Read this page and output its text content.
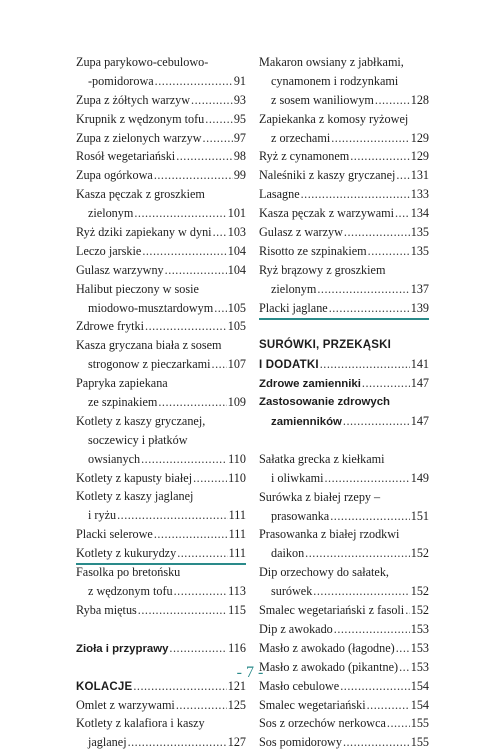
Zupa parykowo-cebulowo-
-pomidorowa .....	91
Zupa z żółtych warzyw .....	93
Krupnik z wędzonym tofu ..... 95
Zupa z zielonych warzyw .....	97
Rosół wegetariański .....	98
Zupa ogórkowa .....	99
Kasza pęczak z groszkiem
zielonym .....	101
Ryż dziki zapiekany w dyni ..... 103
Leczo jarskie .....	104
Gulasz warzywny .....	104
Halibut pieczony w sosie
miodowo-musztardowym ..... 105
Zdrowe frytki .....	105
Kasza gryczana biała z sosem
strogonow z pieczarkami ..... 107
Papryka zapiekana
ze szpinakiem .....	109
Kotlety z kaszy gryczanej,
soczewicy i płatków
owsianych .....	110
Kotlety z kapusty białej .....	110
Kotlety z kaszy jaglanej
i ryżu .....	111
Placki selerowe .....	111
Kotlety z kukurydzy .....	111
Fasolka po bretońsku
z wędzonym tofu .....	113
Ryba miętus .....	115
Zioła i przyprawy .....	116
KOLACJE .....	121
Omlet z warzywami .....	125
Kotlety z kalafiora i kaszy
jaglanej .....	127
Makaron owsiany z jabłkami,
cynamonem i rodzynkami
z sosem waniliowym .....	128
Zapiekanka z komosy ryżowej
z orzechami .....	129
Ryż z cynamonem .....	129
Naleśniki z kaszy gryczanej ..... 131
Lasagne .....	133
Kasza pęczak z warzywami ..... 134
Gulasz z warzyw .....	135
Risotto ze szpinakiem .....	135
Ryż brązowy z groszkiem
zielonym .....	137
Placki jaglane .....	139
SURÓWKI, PRZEKĄSKI
I DODATKI .....	141
Zdrowe zamienniki .....	147
Zastosowanie zdrowych
zamienników .....	147
Sałatka grecka z kiełkami
i oliwkami .....	149
Surówka z białej rzepy –
prasowanka .....	151
Prasowanka z białej rzodkwi
daikon .....	152
Dip orzechowy do sałatek,
surówek .....	152
Smalec wegetariański z fasoli ..... 152
Dip z awokado .....	153
Masło z awokado (łagodne) ..... 153
Masło z awokado (pikantne) ..... 153
Masło cebulowe .....	154
Smalec wegetariański .....	154
Sos z orzechów nerkowca ..... 155
Sos pomidorowy .....	155
- 7 -
